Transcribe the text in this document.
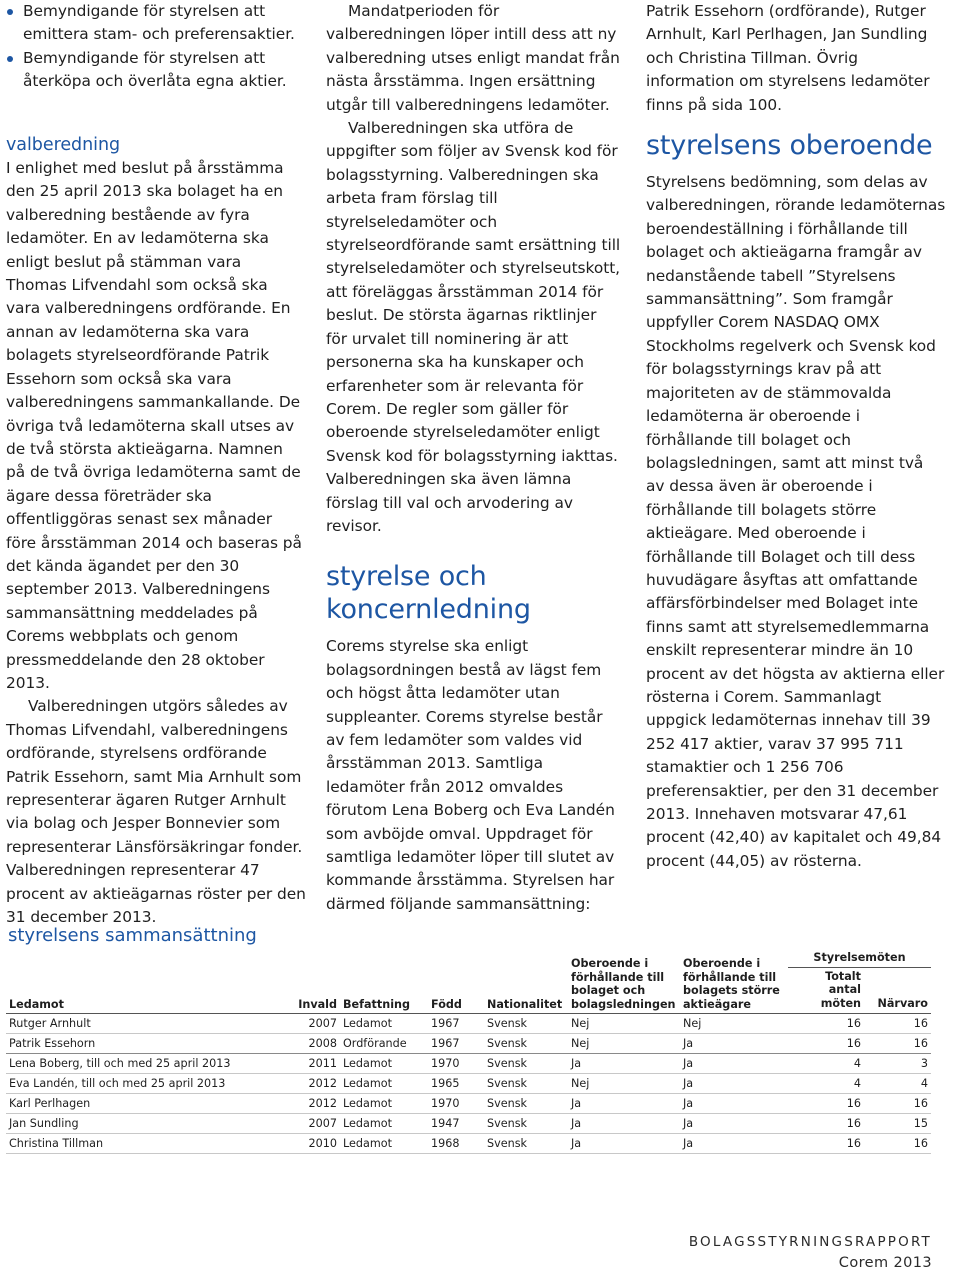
Bemyndigande för styrelsen att emittera stam- och preferensaktier.
Bemyndigande för styrelsen att återköpa och överlåta egna aktier.
valberedning

I enlighet med beslut på årsstämma den 25 april 2013 ska bolaget ha en valberedning bestående av fyra ledamöter. En av ledamöterna ska enligt beslut på stämman vara Thomas Lifvendahl som också ska vara valberedningens ordförande. En annan av ledamöterna ska vara bolagets styrelseordförande Patrik Essehorn som också ska vara valberedningens sammankallande. De övriga två ledamöterna skall utses av de två största aktieägarna. Namnen på de två övriga ledamöterna samt de ägare dessa företräder ska offentliggöras senast sex månader före årsstämman 2014 och baseras på det kända ägandet per den 30 september 2013. Valberedningens sammansättning meddelades på Corems webbplats och genom pressmeddelande den 28 oktober 2013.

Valberedningen utgörs således av Thomas Lifvendahl, valberedningens ordförande, styrelsens ordförande Patrik Essehorn, samt Mia Arnhult som representerar ägaren Rutger Arnhult via bolag och Jesper Bonnevier som representerar Länsförsäkringar fonder. Valberedningen representerar 47 procent av aktieägarnas röster per den 31 december 2013.

Mandatperioden för valberedningen löper intill dess att ny valberedning utses enligt mandat från nästa årsstämma. Ingen ersättning utgår till valberedningens ledamöter.

Valberedningen ska utföra de uppgifter som följer av Svensk kod för bolagsstyrning. Valberedningen ska arbeta fram förslag till styrelseledamöter och styrelseordförande samt ersättning till styrelseledamöter och styrelseutskott, att föreläggas årsstämman 2014 för beslut. De största ägarnas riktlinjer för urvalet till nominering är att personerna ska ha kunskaper och erfarenheter som är relevanta för Corem. De regler som gäller för oberoende styrelseledamöter enligt Svensk kod för bolagsstyrning iakttas. Valberedningen ska även lämna förslag till val och arvodering av revisor.

styrelse och koncernledning

Corems styrelse ska enligt bolagsordningen bestå av lägst fem och högst åtta ledamöter utan suppleanter. Corems styrelse består av fem ledamöter som valdes vid årsstämman 2013. Samtliga ledamöter från 2012 omvaldes förutom Lena Boberg och Eva Landén som avböjde omval. Uppdraget för samtliga ledamöter löper till slutet av kommande årsstämma. Styrelsen har därmed följande sammansättning:

Patrik Essehorn (ordförande), Rutger Arnhult, Karl Perlhagen, Jan Sundling och Christina Tillman. Övrig information om styrelsens ledamöter finns på sida 100.

styrelsens oberoende

Styrelsens bedömning, som delas av valberedningen, rörande ledamöternas beroendeställning i förhållande till bolaget och aktieägarna framgår av nedanstående tabell ”Styrelsens sammansättning”. Som framgår uppfyller Corem NASDAQ OMX Stockholms regelverk och Svensk kod för bolagsstyrnings krav på att majoriteten av de stämmovalda ledamöterna är oberoende i förhållande till bolaget och bolagsledningen, samt att minst två av dessa även är oberoende i förhållande till bolagets större aktieägare. Med oberoende i förhållande till Bolaget och till dess huvudägare åsyftas att omfattande affärsförbindelser med Bolaget inte finns samt att styrelsemedlemmarna enskilt representerar mindre än 10 procent av det högsta av aktierna eller rösterna i Corem. Sammanlagt uppgick ledamöternas innehav till 39 252 417 aktier, varav 37 995 711 stamaktier och 1 256 706 preferensaktier, per den 31 december 2013. Innehaven motsvarar 47,61 procent (42,40) av kapitalet och 49,84 procent (44,05) av rösterna.

styrelsens sammansättning
Ledamot	Invald	Befattning	Född	Nationalitet	Oberoende i förhållande till bolaget och bolagsledningen	Oberoende i förhållande till bolagets större aktieägare	Styrelsemöten	
							Totalt antal möten	Närvaro
Rutger Arnhult	2007	Ledamot	1967	Svensk	Nej	Nej	16	16
Patrik Essehorn	2008	Ordförande	1967	Svensk	Nej	Ja	16	16
Lena Boberg, till och med 25 april 2013	2011	Ledamot	1970	Svensk	Ja	Ja	4	3
Eva Landén, till och med 25 april 2013	2012	Ledamot	1965	Svensk	Nej	Ja	4	4
Karl Perlhagen	2012	Ledamot	1970	Svensk	Ja	Ja	16	16
Jan Sundling	2007	Ledamot	1947	Svensk	Ja	Ja	16	15
Christina Tillman	2010	Ledamot	1968	Svensk	Ja	Ja	16	16
BOLAGSSTYRNINGSRAPPORT
Corem 2013
